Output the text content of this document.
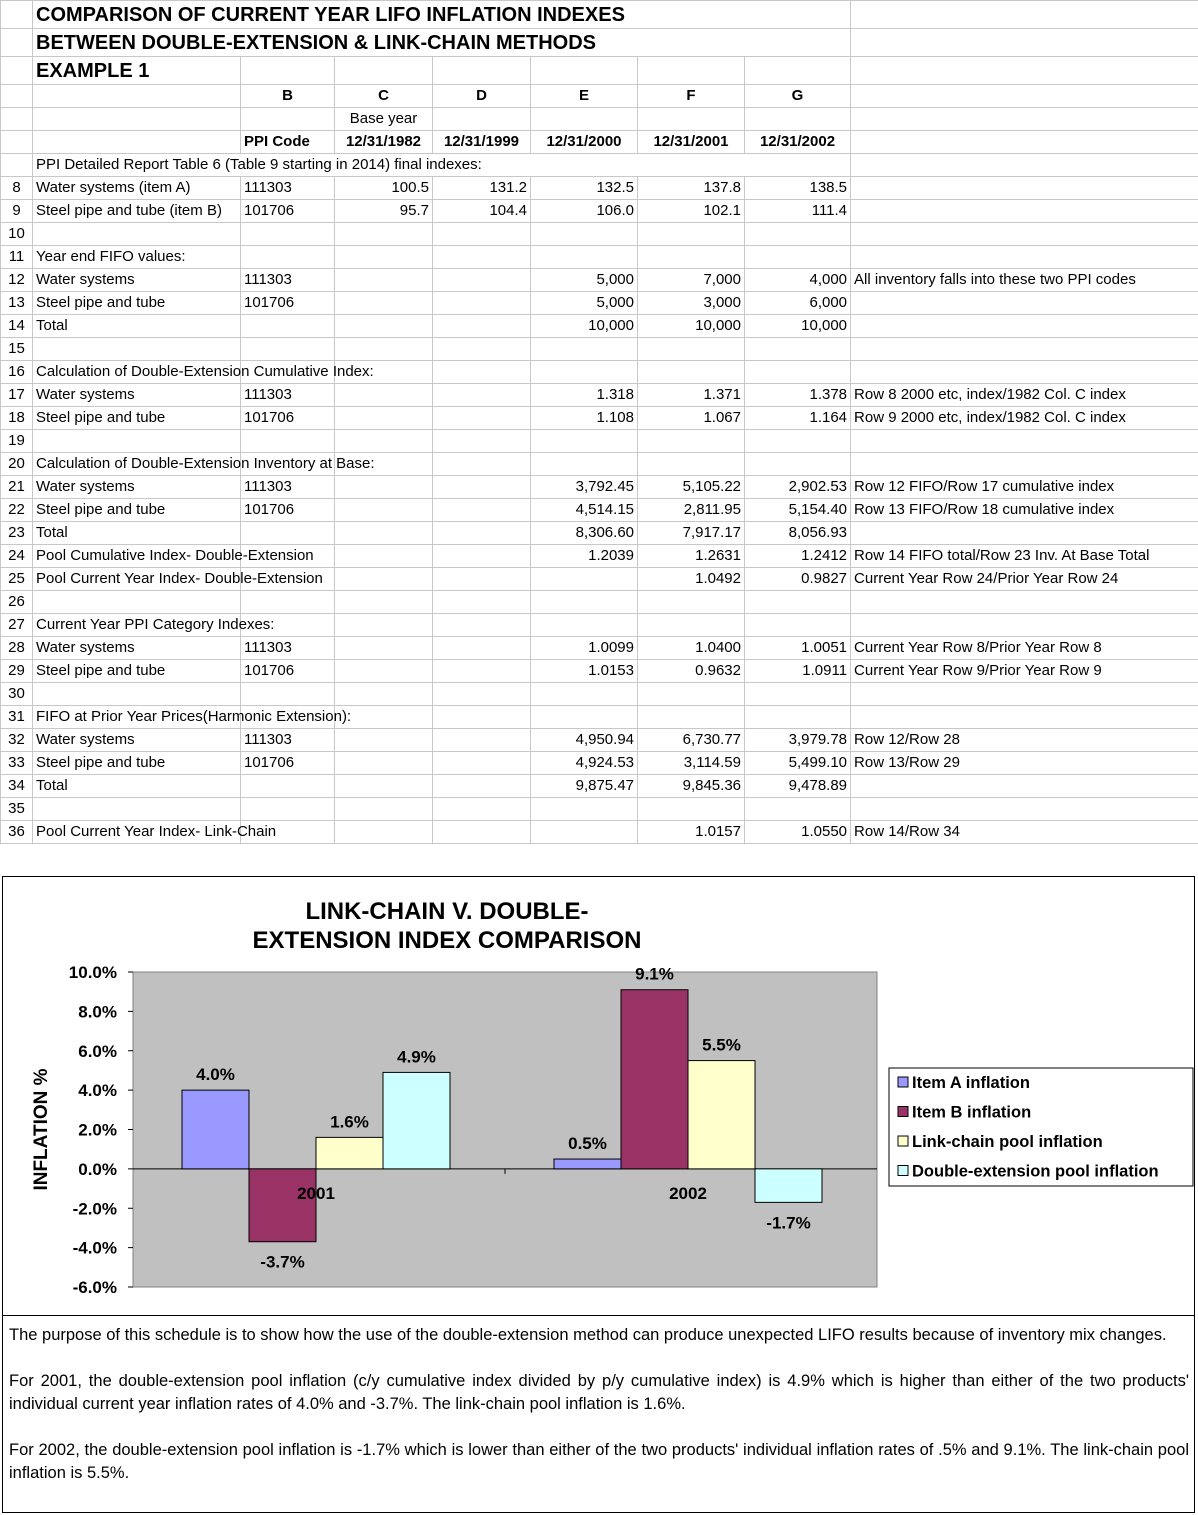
	COMPARISON OF CURRENT YEAR LIFO INFLATION INDEXES							
	BETWEEN DOUBLE-EXTENSION & LINK-CHAIN METHODS							
	EXAMPLE 1							
		B	C	D	E	F	G	
			Base year					
		PPI Code	12/31/1982	12/31/1999	12/31/2000	12/31/2001	12/31/2002	
	PPI Detailed Report Table 6 (Table 9 starting in 2014) final indexes:							
8	Water systems (item A)	111303	100.5	131.2	132.5	137.8	138.5	
9	Steel pipe and tube (item B)	101706	95.7	104.4	106.0	102.1	111.4	
10								
11	Year end FIFO values:							
12	Water systems	111303			5,000	7,000	4,000	All inventory falls into these two PPI codes
13	Steel pipe and tube	101706			5,000	3,000	6,000	
14	Total				10,000	10,000	10,000	
15								
16	Calculation of Double-Extension Cumulative Index:							
17	Water systems	111303			1.318	1.371	1.378	Row 8 2000 etc, index/1982 Col. C index
18	Steel pipe and tube	101706			1.108	1.067	1.164	Row 9 2000 etc, index/1982 Col. C index
19								
20	Calculation of Double-Extension Inventory at Base:							
21	Water systems	111303			3,792.45	5,105.22	2,902.53	Row 12 FIFO/Row 17 cumulative index
22	Steel pipe and tube	101706			4,514.15	2,811.95	5,154.40	Row 13 FIFO/Row 18 cumulative index
23	Total				8,306.60	7,917.17	8,056.93	
24	Pool Cumulative Index- Double-Extension				1.2039	1.2631	1.2412	Row 14 FIFO total/Row 23 Inv. At Base Total
25	Pool Current Year Index- Double-Extension					1.0492	0.9827	Current Year Row 24/Prior Year Row 24
26								
27	Current Year PPI Category Indexes:							
28	Water systems	111303			1.0099	1.0400	1.0051	Current Year Row 8/Prior Year Row 8
29	Steel pipe and tube	101706			1.0153	0.9632	1.0911	Current Year Row 9/Prior Year Row 9
30								
31	FIFO at Prior Year Prices(Harmonic Extension):							
32	Water systems	111303			4,950.94	6,730.77	3,979.78	Row 12/Row 28
33	Steel pipe and tube	101706			4,924.53	3,114.59	5,499.10	Row 13/Row 29
34	Total				9,875.47	9,845.36	9,478.89	
35								
36	Pool Current Year Index- Link-Chain					1.0157	1.0550	Row 14/Row 34
LINK-CHAIN V. DOUBLE-
EXTENSION INDEX COMPARISON
10.0%
8.0%
6.0%
4.0%
2.0%
0.0%
-2.0%
-4.0%
-6.0%
INFLATION %	4.0%
-3.7%
1.6%
4.9%
2001
0.5%
9.1%
5.5%
-1.7%
2002
Item A inflation
Item B inflation
Link-chain pool inflation
Double-extension pool inflation

The purpose of this schedule is to show how the use of the double-extension method can produce unexpected LIFO results because of inventory mix changes.

For 2001, the double-extension pool inflation (c/y cumulative index divided by p/y cumulative index) is 4.9% which is higher than either of the two products' individual current year inflation rates of 4.0% and -3.7%. The link-chain pool inflation is 1.6%.

For 2002, the double-extension pool inflation is -1.7% which is lower than either of the two products' individual inflation rates of .5% and 9.1%. The link-chain pool inflation is 5.5%.
